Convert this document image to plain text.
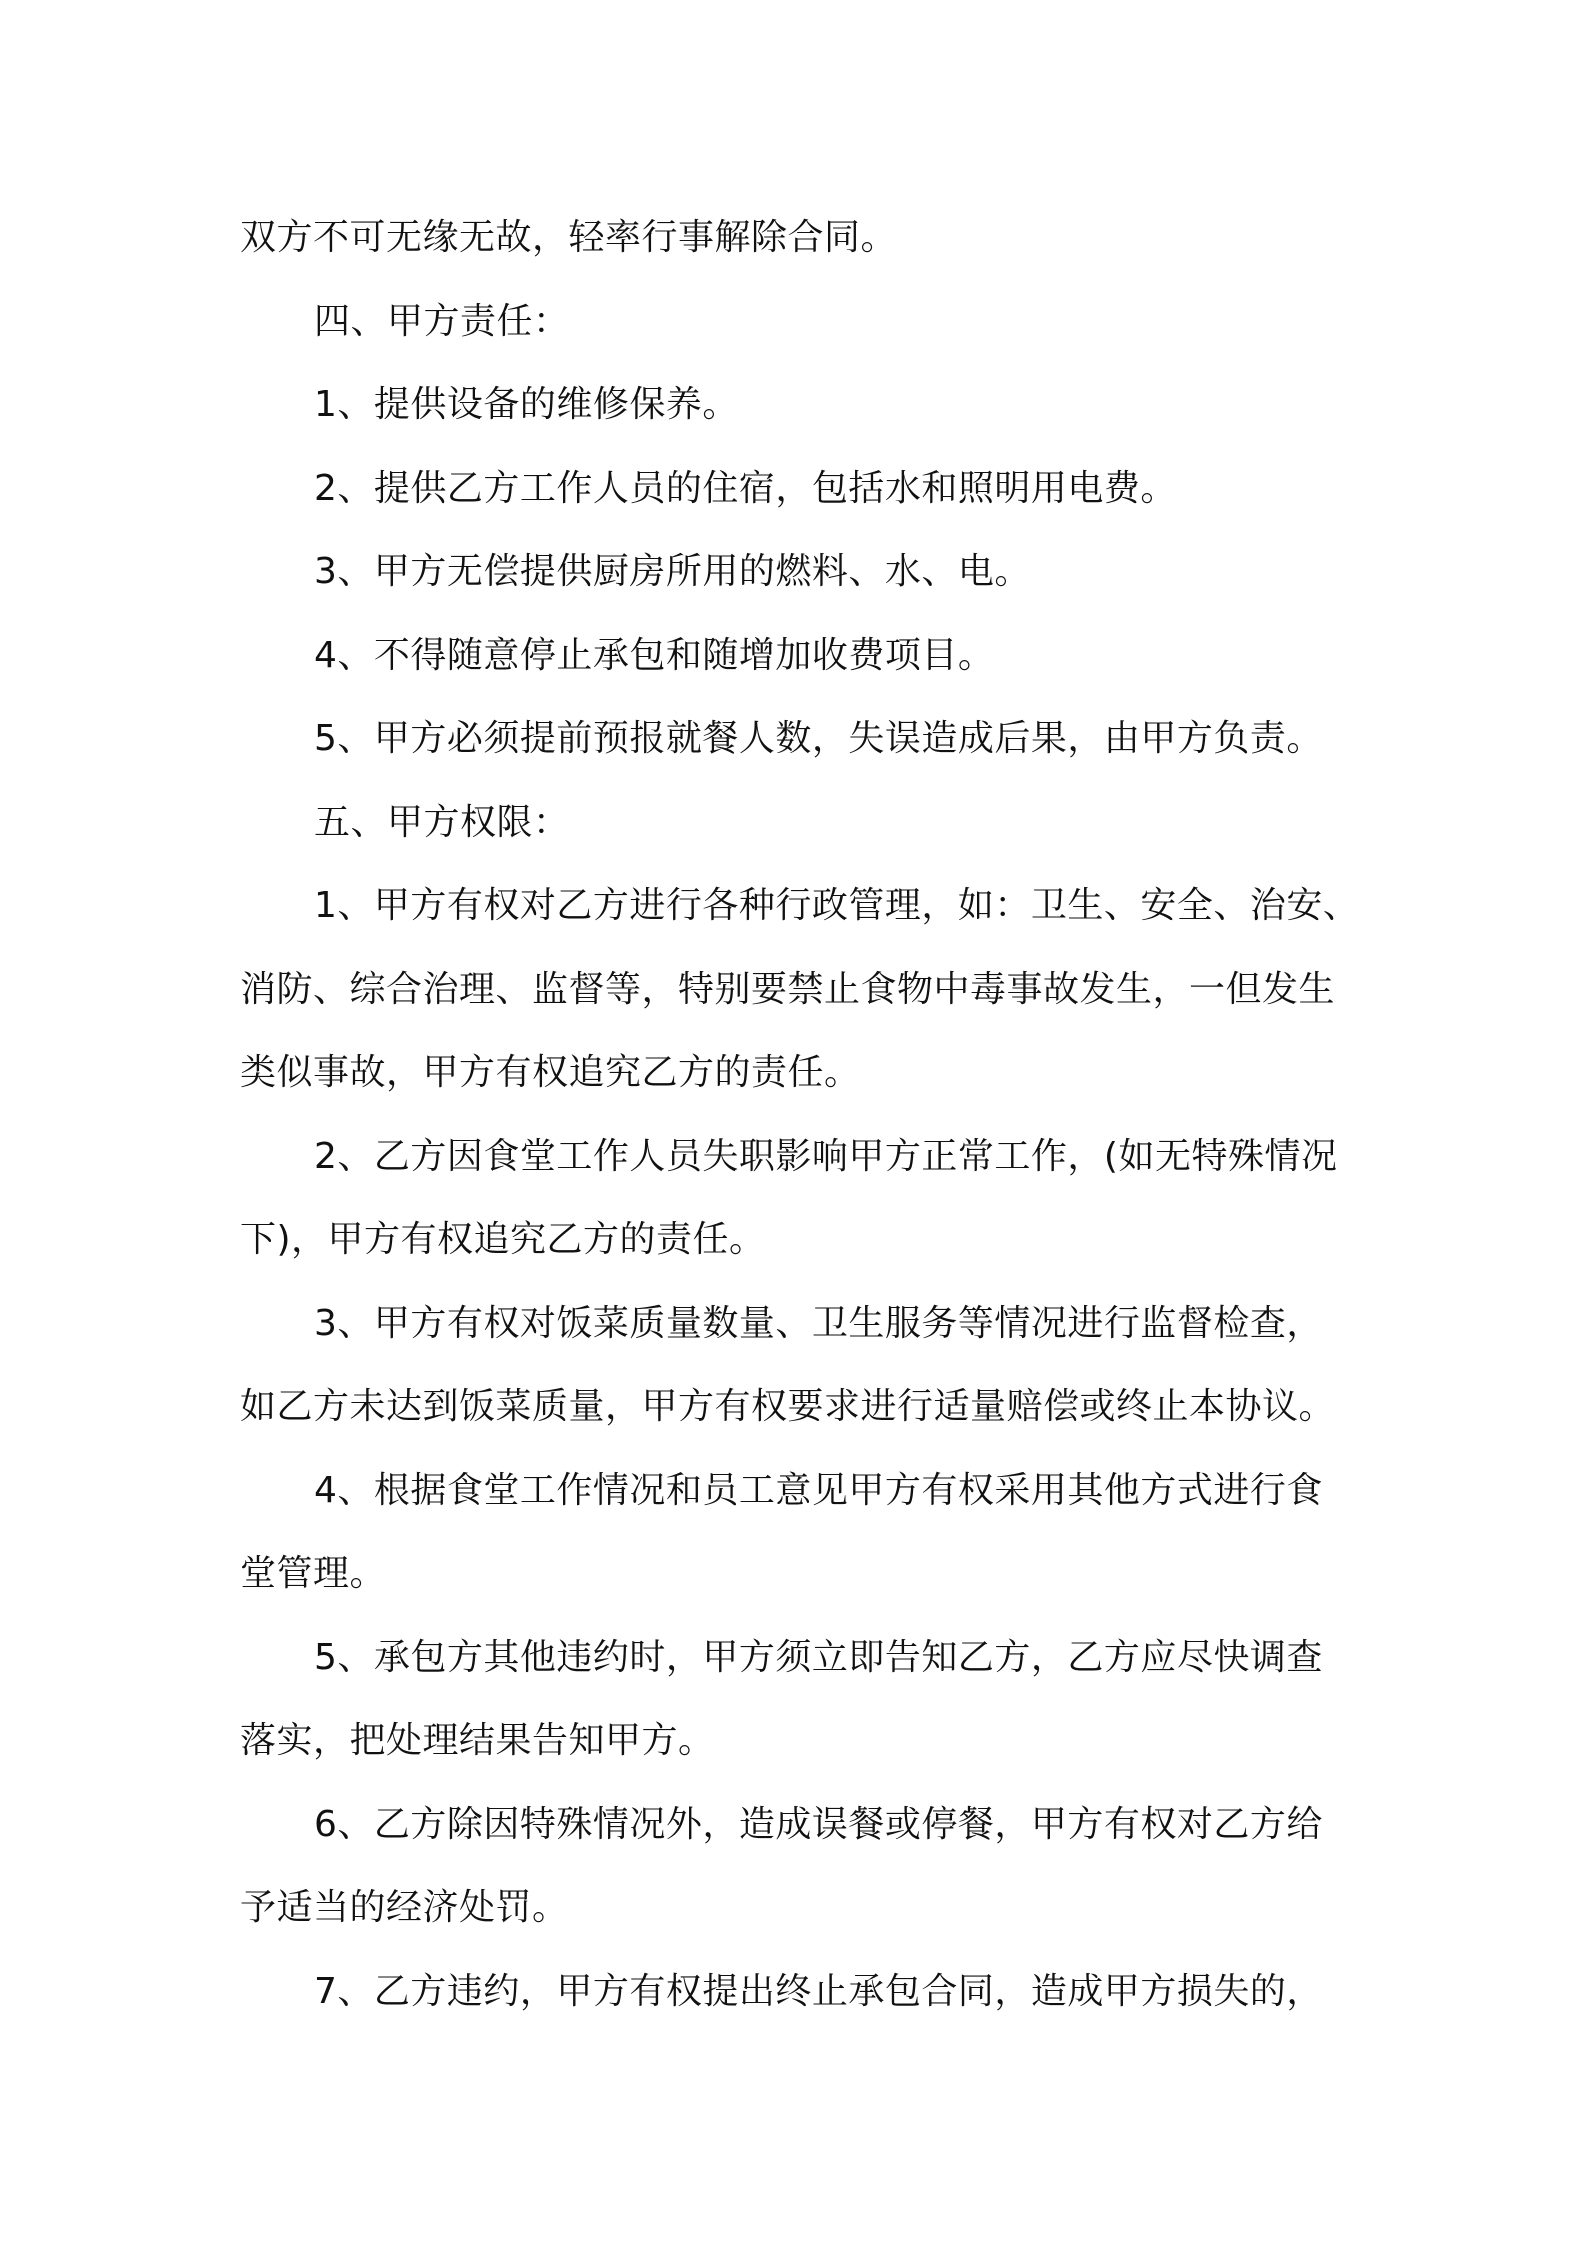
双方不可无缘无故，轻率行事解除合同。

四、甲方责任：

1、提供设备的维修保养。

2、提供乙方工作人员的住宿，包括水和照明用电费。

3、甲方无偿提供厨房所用的燃料、水、电。

4、不得随意停止承包和随增加收费项目。

5、甲方必须提前预报就餐人数，失误造成后果，由甲方负责。

五、甲方权限：

1、甲方有权对乙方进行各种行政管理，如：卫生、安全、治安、

消防、综合治理、监督等，特别要禁止食物中毒事故发生，一但发生

类似事故，甲方有权追究乙方的责任。

2、乙方因食堂工作人员失职影响甲方正常工作，(如无特殊情况

下)，甲方有权追究乙方的责任。

3、甲方有权对饭菜质量数量、卫生服务等情况进行监督检查，

如乙方未达到饭菜质量，甲方有权要求进行适量赔偿或终止本协议。

4、根据食堂工作情况和员工意见甲方有权采用其他方式进行食

堂管理。

5、承包方其他违约时，甲方须立即告知乙方，乙方应尽快调查

落实，把处理结果告知甲方。

6、乙方除因特殊情况外，造成误餐或停餐，甲方有权对乙方给

予适当的经济处罚。

7、乙方违约，甲方有权提出终止承包合同，造成甲方损失的，
